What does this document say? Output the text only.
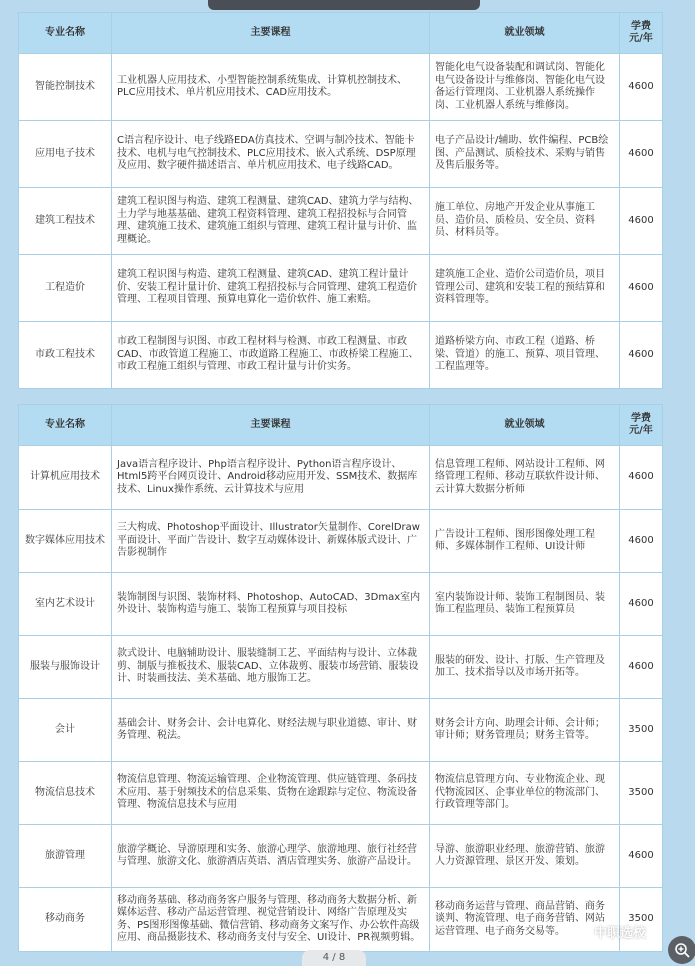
专业名称	主要课程	就业领域	学费
元/年
智能控制技术	工业机器人应用技术、小型智能控制系统集成、计算机控制技术、PLC应用技术、单片机应用技术、CAD应用技术。	智能化电气设备装配和调试岗、智能化电气设备设计与维修岗、智能化电气设备运行管理岗、工业机器人系统操作岗、工业机器人系统与维修岗。	4600
应用电子技术	C语言程序设计、电子线路EDA仿真技术、空调与制冷技术、智能卡技术、电机与电气控制技术、PLC应用技术、嵌入式系统、DSP原理及应用、数字硬件描述语言、单片机应用技术、电子线路CAD。	电子产品设计/辅助、软件编程、PCB绘图、产品测试、质检技术、采购与销售及售后服务等。	4600
建筑工程技术	建筑工程识图与构造、建筑工程测量、建筑CAD、建筑力学与结构、土力学与地基基础、建筑工程资料管理、建筑工程招投标与合同管理、建筑施工技术、建筑施工组织与管理、建筑工程计量与计价、监理概论。	施工单位、房地产开发企业从事施工员、造价员、质检员、安全员、资料员、材料员等。	4600
工程造价	建筑工程识图与构造、建筑工程测量、建筑CAD、建筑工程计量计价、安装工程计量计价、建筑工程招投标与合同管理、建筑工程造价管理、工程项目管理、预算电算化一造价软件、施工索赔。	建筑施工企业、造价公司造价员，项目管理公司、建筑和安装工程的预结算和资料管理等。	4600
市政工程技术	市政工程制图与识图、市政工程材料与检测、市政工程测量、市政CAD、市政管道工程施工、市政道路工程施工、市政桥梁工程施工、市政工程施工组织与管理、市政工程计量与计价实务。	道路桥梁方向、市政工程（道路、桥梁、管道）的施工、预算、项目管理、工程监理等。	4600
专业名称	主要课程	就业领域	学费
元/年
计算机应用技术	Java语言程序设计、Php语言程序设计、Python语言程序设计、Html5跨平台网页设计、Android移动应用开发、SSM技术、数据库技术、Linux操作系统、云计算技术与应用	信息管理工程师、网站设计工程师、网络管理工程师、移动互联软件设计师、云计算大数据分析师	4600
数字媒体应用技术	三大构成、Photoshop平面设计、Illustrator矢量制作、CorelDraw平面设计、平面广告设计、数字互动媒体设计、新媒体版式设计、广告影视制作	广告设计工程师、图形图像处理工程师、多媒体制作工程师、UI设计师	4600
室内艺术设计	装饰制图与识图、装饰材料、Photoshop、AutoCAD、3Dmax室内外设计、装饰构造与施工、装饰工程预算与项目投标	室内装饰设计师、装饰工程制图员、装饰工程监理员、装饰工程预算员	4600
服装与服饰设计	款式设计、电脑辅助设计、服装缝制工艺、平面结构与设计、立体裁剪、制版与推板技术、服装CAD、立体裁剪、服装市场营销、服装设计、时装画技法、美术基础、地方服饰工艺。	服装的研发、设计、打版、生产管理及加工、技术指导以及市场开拓等。	4600
会计	基础会计、财务会计、会计电算化、财经法规与职业道德、审计、财务管理、税法。	财务会计方向、助理会计师、会计师；审计师；财务管理员；财务主管等。	3500
物流信息技术	物流信息管理、物流运输管理、企业物流管理、供应链管理、条码技术应用、基于射频技术的信息采集、货物在途跟踪与定位、物流设备管理、物流信息技术与应用	物流信息管理方向、专业物流企业、现代物流园区、企事业单位的物流部门、行政管理等部门。	3500
旅游管理	旅游学概论、导游原理和实务、旅游心理学、旅游地理、旅行社经营与管理、旅游文化、旅游酒店英语、酒店管理实务、旅游产品设计。	导游、旅游职业经理、旅游营销、旅游人力资源管理、景区开发、策划。	4600
移动商务	移动商务基础、移动商务客户服务与管理、移动商务大数据分析、新媒体运营、移动产品运营管理、视觉营销设计、网络广告原理及实务、PS图形图像基础、微信营销、移动商务文案写作、办公软件高级应用、商品摄影技术、移动商务支付与安全、UI设计、PR视频剪辑。	移动商务运营与管理、商品营销、商务谈判、物流管理、电子商务营销、网站运营管理、电子商务交易等。	3500
中职选校
4 / 8
